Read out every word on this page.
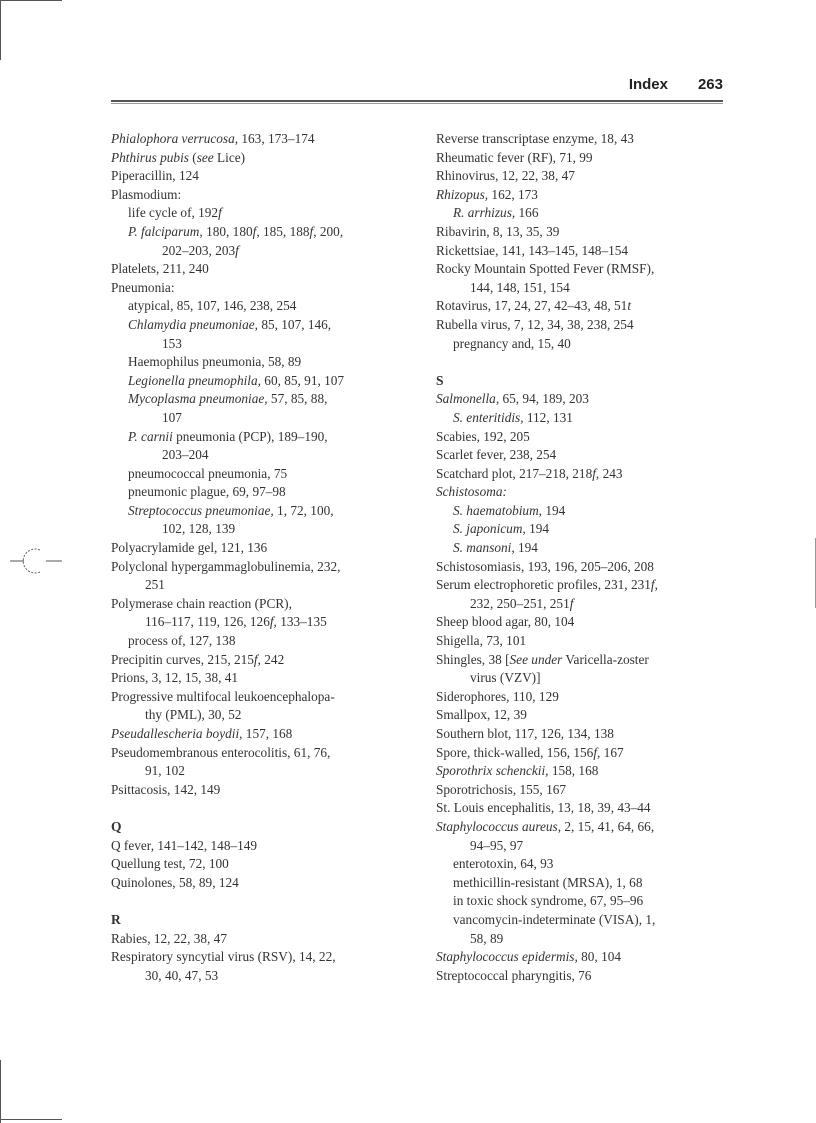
Index 263
Phialophora verrucosa, 163, 173–174
Phthirus pubis (see Lice)
Piperacillin, 124
Plasmodium:
life cycle of, 192f
P. falciparum, 180, 180f, 185, 188f, 200,
202–203, 203f
Platelets, 211, 240
Pneumonia:
atypical, 85, 107, 146, 238, 254
Chlamydia pneumoniae, 85, 107, 146,
153
Haemophilus pneumonia, 58, 89
Legionella pneumophila, 60, 85, 91, 107
Mycoplasma pneumoniae, 57, 85, 88,
107
P. carnii pneumonia (PCP), 189–190,
203–204
pneumococcal pneumonia, 75
pneumonic plague, 69, 97–98
Streptococcus pneumoniae, 1, 72, 100,
102, 128, 139
Polyacrylamide gel, 121, 136
Polyclonal hypergammaglobulinemia, 232,
251
Polymerase chain reaction (PCR),
116–117, 119, 126, 126f, 133–135
process of, 127, 138
Precipitin curves, 215, 215f, 242
Prions, 3, 12, 15, 38, 41
Progressive multifocal leukoencephalopa-
thy (PML), 30, 52
Pseudallescheria boydii, 157, 168
Pseudomembranous enterocolitis, 61, 76,
91, 102
Psittacosis, 142, 149
Q
Q fever, 141–142, 148–149
Quellung test, 72, 100
Quinolones, 58, 89, 124
R
Rabies, 12, 22, 38, 47
Respiratory syncytial virus (RSV), 14, 22,
30, 40, 47, 53
Reverse transcriptase enzyme, 18, 43
Rheumatic fever (RF), 71, 99
Rhinovirus, 12, 22, 38, 47
Rhizopus, 162, 173
R. arrhizus, 166
Ribavirin, 8, 13, 35, 39
Rickettsiae, 141, 143–145, 148–154
Rocky Mountain Spotted Fever (RMSF),
144, 148, 151, 154
Rotavirus, 17, 24, 27, 42–43, 48, 51t
Rubella virus, 7, 12, 34, 38, 238, 254
pregnancy and, 15, 40
S
Salmonella, 65, 94, 189, 203
S. enteritidis, 112, 131
Scabies, 192, 205
Scarlet fever, 238, 254
Scatchard plot, 217–218, 218f, 243
Schistosoma:
S. haematobium, 194
S. japonicum, 194
S. mansoni, 194
Schistosomiasis, 193, 196, 205–206, 208
Serum electrophoretic profiles, 231, 231f,
232, 250–251, 251f
Sheep blood agar, 80, 104
Shigella, 73, 101
Shingles, 38 [See under Varicella-zoster
virus (VZV)]
Siderophores, 110, 129
Smallpox, 12, 39
Southern blot, 117, 126, 134, 138
Spore, thick-walled, 156, 156f, 167
Sporothrix schenckii, 158, 168
Sporotrichosis, 155, 167
St. Louis encephalitis, 13, 18, 39, 43–44
Staphylococcus aureus, 2, 15, 41, 64, 66,
94–95, 97
enterotoxin, 64, 93
methicillin-resistant (MRSA), 1, 68
in toxic shock syndrome, 67, 95–96
vancomycin-indeterminate (VISA), 1,
58, 89
Staphylococcus epidermis, 80, 104
Streptococcal pharyngitis, 76
